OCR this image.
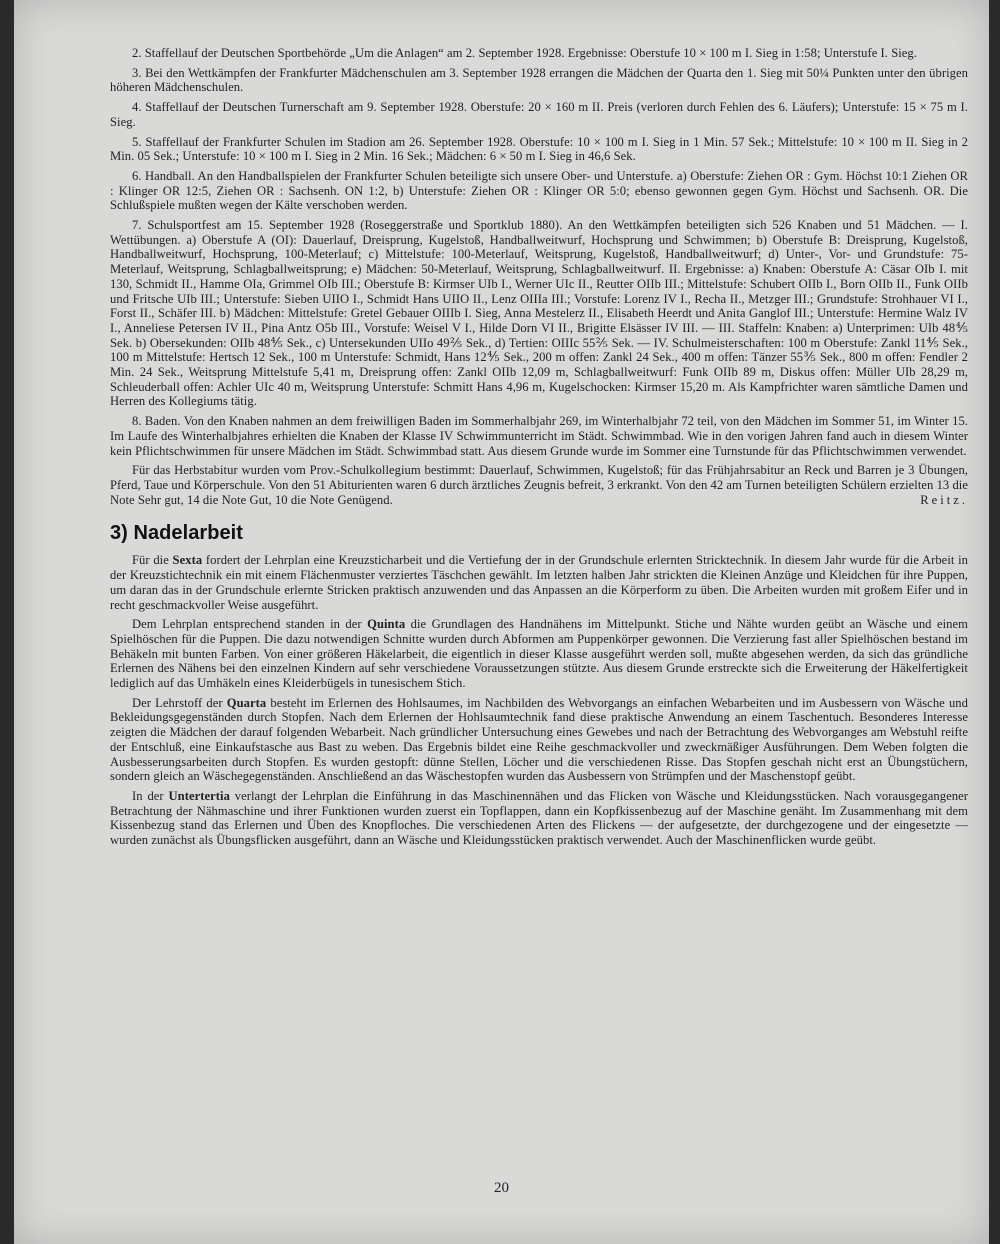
2. Staffellauf der Deutschen Sportbehörde „Um die Anlagen“ am 2. September 1928. Ergebnisse: Oberstufe 10 × 100 m I. Sieg in 1:58; Unterstufe I. Sieg.

3. Bei den Wettkämpfen der Frankfurter Mädchenschulen am 3. September 1928 errangen die Mädchen der Quarta den 1. Sieg mit 50¼ Punkten unter den übrigen höheren Mädchenschulen.

4. Staffellauf der Deutschen Turnerschaft am 9. September 1928. Oberstufe: 20 × 160 m II. Preis (verloren durch Fehlen des 6. Läufers); Unterstufe: 15 × 75 m I. Sieg.

5. Staffellauf der Frankfurter Schulen im Stadion am 26. September 1928. Oberstufe: 10 × 100 m I. Sieg in 1 Min. 57 Sek.; Mittelstufe: 10 × 100 m II. Sieg in 2 Min. 05 Sek.; Unterstufe: 10 × 100 m I. Sieg in 2 Min. 16 Sek.; Mädchen: 6 × 50 m I. Sieg in 46,6 Sek.

6. Handball. An den Handballspielen der Frankfurter Schulen beteiligte sich unsere Ober- und Unterstufe. a) Oberstufe: Ziehen OR : Gym. Höchst 10:1 Ziehen OR : Klinger OR 12:5, Ziehen OR : Sachsenh. ON 1:2, b) Unterstufe: Ziehen OR : Klinger OR 5:0; ebenso gewonnen gegen Gym. Höchst und Sachsenh. OR. Die Schlußspiele mußten wegen der Kälte verschoben werden.

7. Schulsportfest am 15. September 1928 (Roseggerstraße und Sportklub 1880). An den Wettkämpfen beteiligten sich 526 Knaben und 51 Mädchen. — I. Wettübungen. a) Oberstufe A (OI): Dauerlauf, Dreisprung, Kugelstoß, Handballweitwurf, Hochsprung und Schwimmen; b) Oberstufe B: Dreisprung, Kugelstoß, Handballweitwurf, Hochsprung, 100-Meterlauf; c) Mittelstufe: 100-Meterlauf, Weitsprung, Kugelstoß, Handballweitwurf; d) Unter-, Vor- und Grundstufe: 75-Meterlauf, Weitsprung, Schlagballweitsprung; e) Mädchen: 50-Meterlauf, Weitsprung, Schlagballweitwurf. II. Ergebnisse: a) Knaben: Oberstufe A: Cäsar OIb I. mit 130, Schmidt II., Hamme OIa, Grimmel OIb III.; Oberstufe B: Kirmser UIb I., Werner UIc II., Reutter OIIb III.; Mittelstufe: Schubert OIIb I., Born OIIb II., Funk OIIb und Fritsche UIb III.; Unterstufe: Sieben UIIO I., Schmidt Hans UIIO II., Lenz OIIIa III.; Vorstufe: Lorenz IV I., Recha II., Metzger III.; Grundstufe: Strohhauer VI I., Forst II., Schäfer III. b) Mädchen: Mittelstufe: Gretel Gebauer OIIIb I. Sieg, Anna Mestelerz II., Elisabeth Heerdt und Anita Ganglof III.; Unterstufe: Hermine Walz IV I., Anneliese Petersen IV II., Pina Antz O5b III., Vorstufe: Weisel V I., Hilde Dorn VI II., Brigitte Elsässer IV III. — III. Staffeln: Knaben: a) Unterprimen: UIb 48⅘ Sek. b) Obersekunden: OIIb 48⅘ Sek., c) Untersekunden UIIo 49⅖ Sek., d) Tertien: OIIIc 55⅖ Sek. — IV. Schulmeisterschaften: 100 m Oberstufe: Zankl 11⅘ Sek., 100 m Mittelstufe: Hertsch 12 Sek., 100 m Unterstufe: Schmidt, Hans 12⅘ Sek., 200 m offen: Zankl 24 Sek., 400 m offen: Tänzer 55⅗ Sek., 800 m offen: Fendler 2 Min. 24 Sek., Weitsprung Mittelstufe 5,41 m, Dreisprung offen: Zankl OIIb 12,09 m, Schlagballweitwurf: Funk OIIb 89 m, Diskus offen: Müller UIb 28,29 m, Schleuderball offen: Achler UIc 40 m, Weitsprung Unterstufe: Schmitt Hans 4,96 m, Kugelschocken: Kirmser 15,20 m. Als Kampfrichter waren sämtliche Damen und Herren des Kollegiums tätig.

8. Baden. Von den Knaben nahmen an dem freiwilligen Baden im Sommerhalbjahr 269, im Winterhalbjahr 72 teil, von den Mädchen im Sommer 51, im Winter 15. Im Laufe des Winterhalbjahres erhielten die Knaben der Klasse IV Schwimmunterricht im Städt. Schwimmbad. Wie in den vorigen Jahren fand auch in diesem Winter kein Pflichtschwimmen für unsere Mädchen im Städt. Schwimmbad statt. Aus diesem Grunde wurde im Sommer eine Turnstunde für das Pflichtschwimmen verwendet.

Für das Herbstabitur wurden vom Prov.-Schulkollegium bestimmt: Dauerlauf, Schwimmen, Kugelstoß; für das Frühjahrsabitur an Reck und Barren je 3 Übungen, Pferd, Taue und Körperschule. Von den 51 Abiturienten waren 6 durch ärztliches Zeugnis befreit, 3 erkrankt. Von den 42 am Turnen beteiligten Schülern erzielten 13 die Note Sehr gut, 14 die Note Gut, 10 die Note Genügend.	Reitz.

3) Nadelarbeit

Für die Sexta fordert der Lehrplan eine Kreuzsticharbeit und die Vertiefung der in der Grundschule erlernten Stricktechnik. In diesem Jahr wurde für die Arbeit in der Kreuzstichtechnik ein mit einem Flächenmuster verziertes Täschchen gewählt. Im letzten halben Jahr strickten die Kleinen Anzüge und Kleidchen für ihre Puppen, um daran das in der Grundschule erlernte Stricken praktisch anzuwenden und das Anpassen an die Körperform zu üben. Die Arbeiten wurden mit großem Eifer und in recht geschmackvoller Weise ausgeführt.

Dem Lehrplan entsprechend standen in der Quinta die Grundlagen des Handnähens im Mittelpunkt. Stiche und Nähte wurden geübt an Wäsche und einem Spielhöschen für die Puppen. Die dazu notwendigen Schnitte wurden durch Abformen am Puppenkörper gewonnen. Die Verzierung fast aller Spielhöschen bestand im Behäkeln mit bunten Farben. Von einer größeren Häkelarbeit, die eigentlich in dieser Klasse ausgeführt werden soll, mußte abgesehen werden, da sich das gründliche Erlernen des Nähens bei den einzelnen Kindern auf sehr verschiedene Voraussetzungen stützte. Aus diesem Grunde erstreckte sich die Erweiterung der Häkelfertigkeit lediglich auf das Umhäkeln eines Kleiderbügels in tunesischem Stich.

Der Lehrstoff der Quarta besteht im Erlernen des Hohlsaumes, im Nachbilden des Webvorgangs an einfachen Webarbeiten und im Ausbessern von Wäsche und Bekleidungsgegenständen durch Stopfen. Nach dem Erlernen der Hohlsaumtechnik fand diese praktische Anwendung an einem Taschentuch. Besonderes Interesse zeigten die Mädchen der darauf folgenden Webarbeit. Nach gründlicher Untersuchung eines Gewebes und nach der Betrachtung des Webvorganges am Webstuhl reifte der Entschluß, eine Einkaufstasche aus Bast zu weben. Das Ergebnis bildet eine Reihe geschmackvoller und zweckmäßiger Ausführungen. Dem Weben folgten die Ausbesserungsarbeiten durch Stopfen. Es wurden gestopft: dünne Stellen, Löcher und die verschiedenen Risse. Das Stopfen geschah nicht erst an Übungstüchern, sondern gleich an Wäschegegenständen. Anschließend an das Wäschestopfen wurden das Ausbessern von Strümpfen und der Maschenstopf geübt.

In der Untertertia verlangt der Lehrplan die Einführung in das Maschinennähen und das Flicken von Wäsche und Kleidungsstücken. Nach vorausgegangener Betrachtung der Nähmaschine und ihrer Funktionen wurden zuerst ein Topflappen, dann ein Kopfkissenbezug auf der Maschine genäht. Im Zusammenhang mit dem Kissenbezug stand das Erlernen und Üben des Knopfloches. Die verschiedenen Arten des Flickens — der aufgesetzte, der durchgezogene und der eingesetzte — wurden zunächst als Übungsflicken ausgeführt, dann an Wäsche und Kleidungsstücken praktisch verwendet. Auch der Maschinenflicken wurde geübt.

20
